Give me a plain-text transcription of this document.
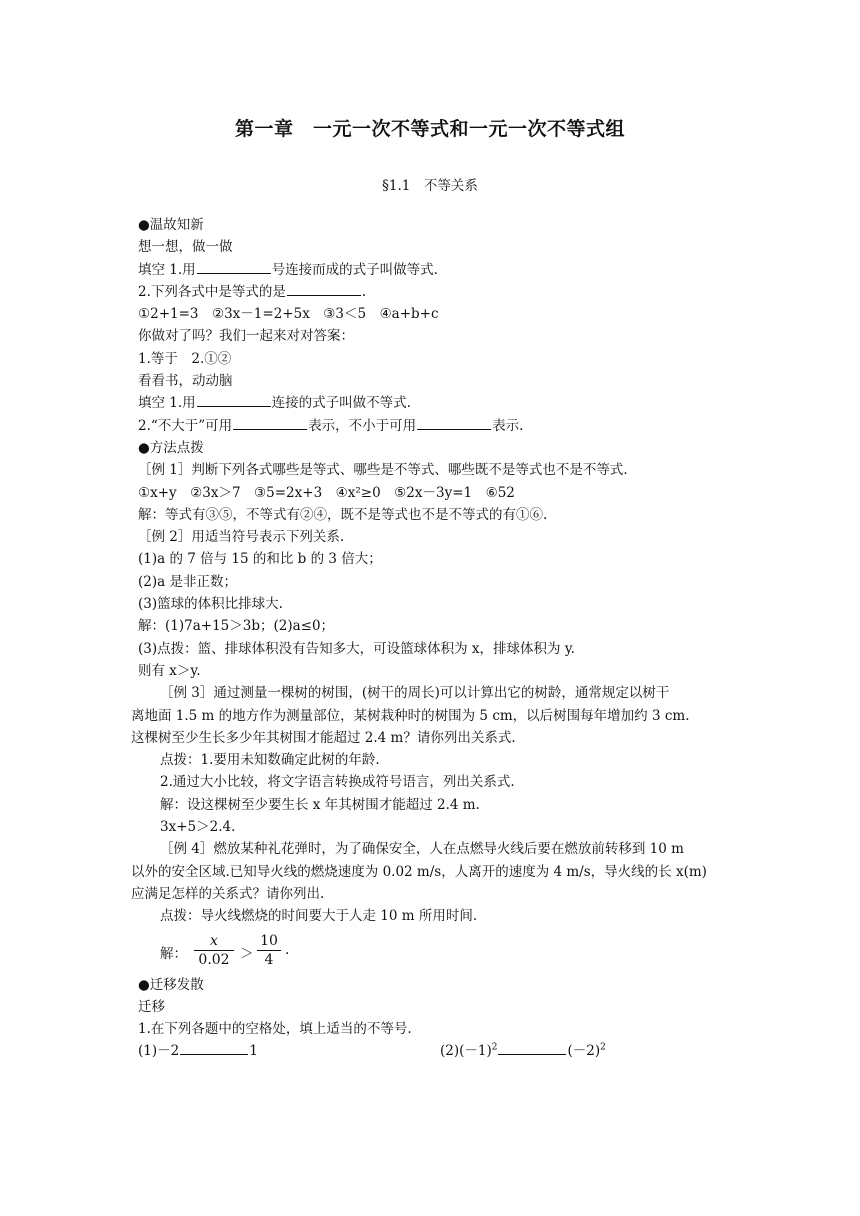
第一章　一元一次不等式和一元一次不等式组
§1.1　不等关系
●温故知新
想一想，做一做
填空 1.用	号连接而成的式子叫做等式.
2.下列各式中是等式的是	.
①2+1=3　②3x－1=2+5x　③3＜5　④a+b+c
你做对了吗？我们一起来对对答案：
1.等于　2.①②
看看书，动动脑
填空 1.用	连接的式子叫做不等式.
2.“不大于”可用	表示，不小于可用	表示.
●方法点拨
［例 1］判断下列各式哪些是等式、哪些是不等式、哪些既不是等式也不是不等式.
①x+y　②3x＞7　③5=2x+3　④x²≥0　⑤2x－3y=1　⑥52
解：等式有③⑤，不等式有②④，既不是等式也不是不等式的有①⑥.
［例 2］用适当符号表示下列关系.
(1)a 的 7 倍与 15 的和比 b 的 3 倍大；
(2)a 是非正数；
(3)篮球的体积比排球大.
解：(1)7a+15＞3b；(2)a≤0；
(3)点拨：篮、排球体积没有告知多大，可设篮球体积为 x，排球体积为 y.
则有 x＞y.
［例 3］通过测量一棵树的树围，(树干的周长)可以计算出它的树龄，通常规定以树干
离地面 1.5 m 的地方作为测量部位，某树栽种时的树围为 5 cm，以后树围每年增加约 3 cm.
这棵树至少生长多少年其树围才能超过 2.4 m？请你列出关系式.
点拨：1.要用未知数确定此树的年龄.
2.通过大小比较，将文字语言转换成符号语言，列出关系式.
解：设这棵树至少要生长 x 年其树围才能超过 2.4 m.
3x+5＞2.4.
［例 4］燃放某种礼花弹时，为了确保安全，人在点燃导火线后要在燃放前转移到 10 m
以外的安全区域.已知导火线的燃烧速度为 0.02 m/s，人离开的速度为 4 m/s，导火线的长 x(m)
应满足怎样的关系式？请你列出.
点拨：导火线燃烧的时间要大于人走 10 m 所用时间.
解：
x
0.02 ＞
10
4
.
●迁移发散
迁移
1.在下列各题中的空格处，填上适当的不等号.
(1)－2	1	$(2)(-1)^2$	$(-2)^2$
